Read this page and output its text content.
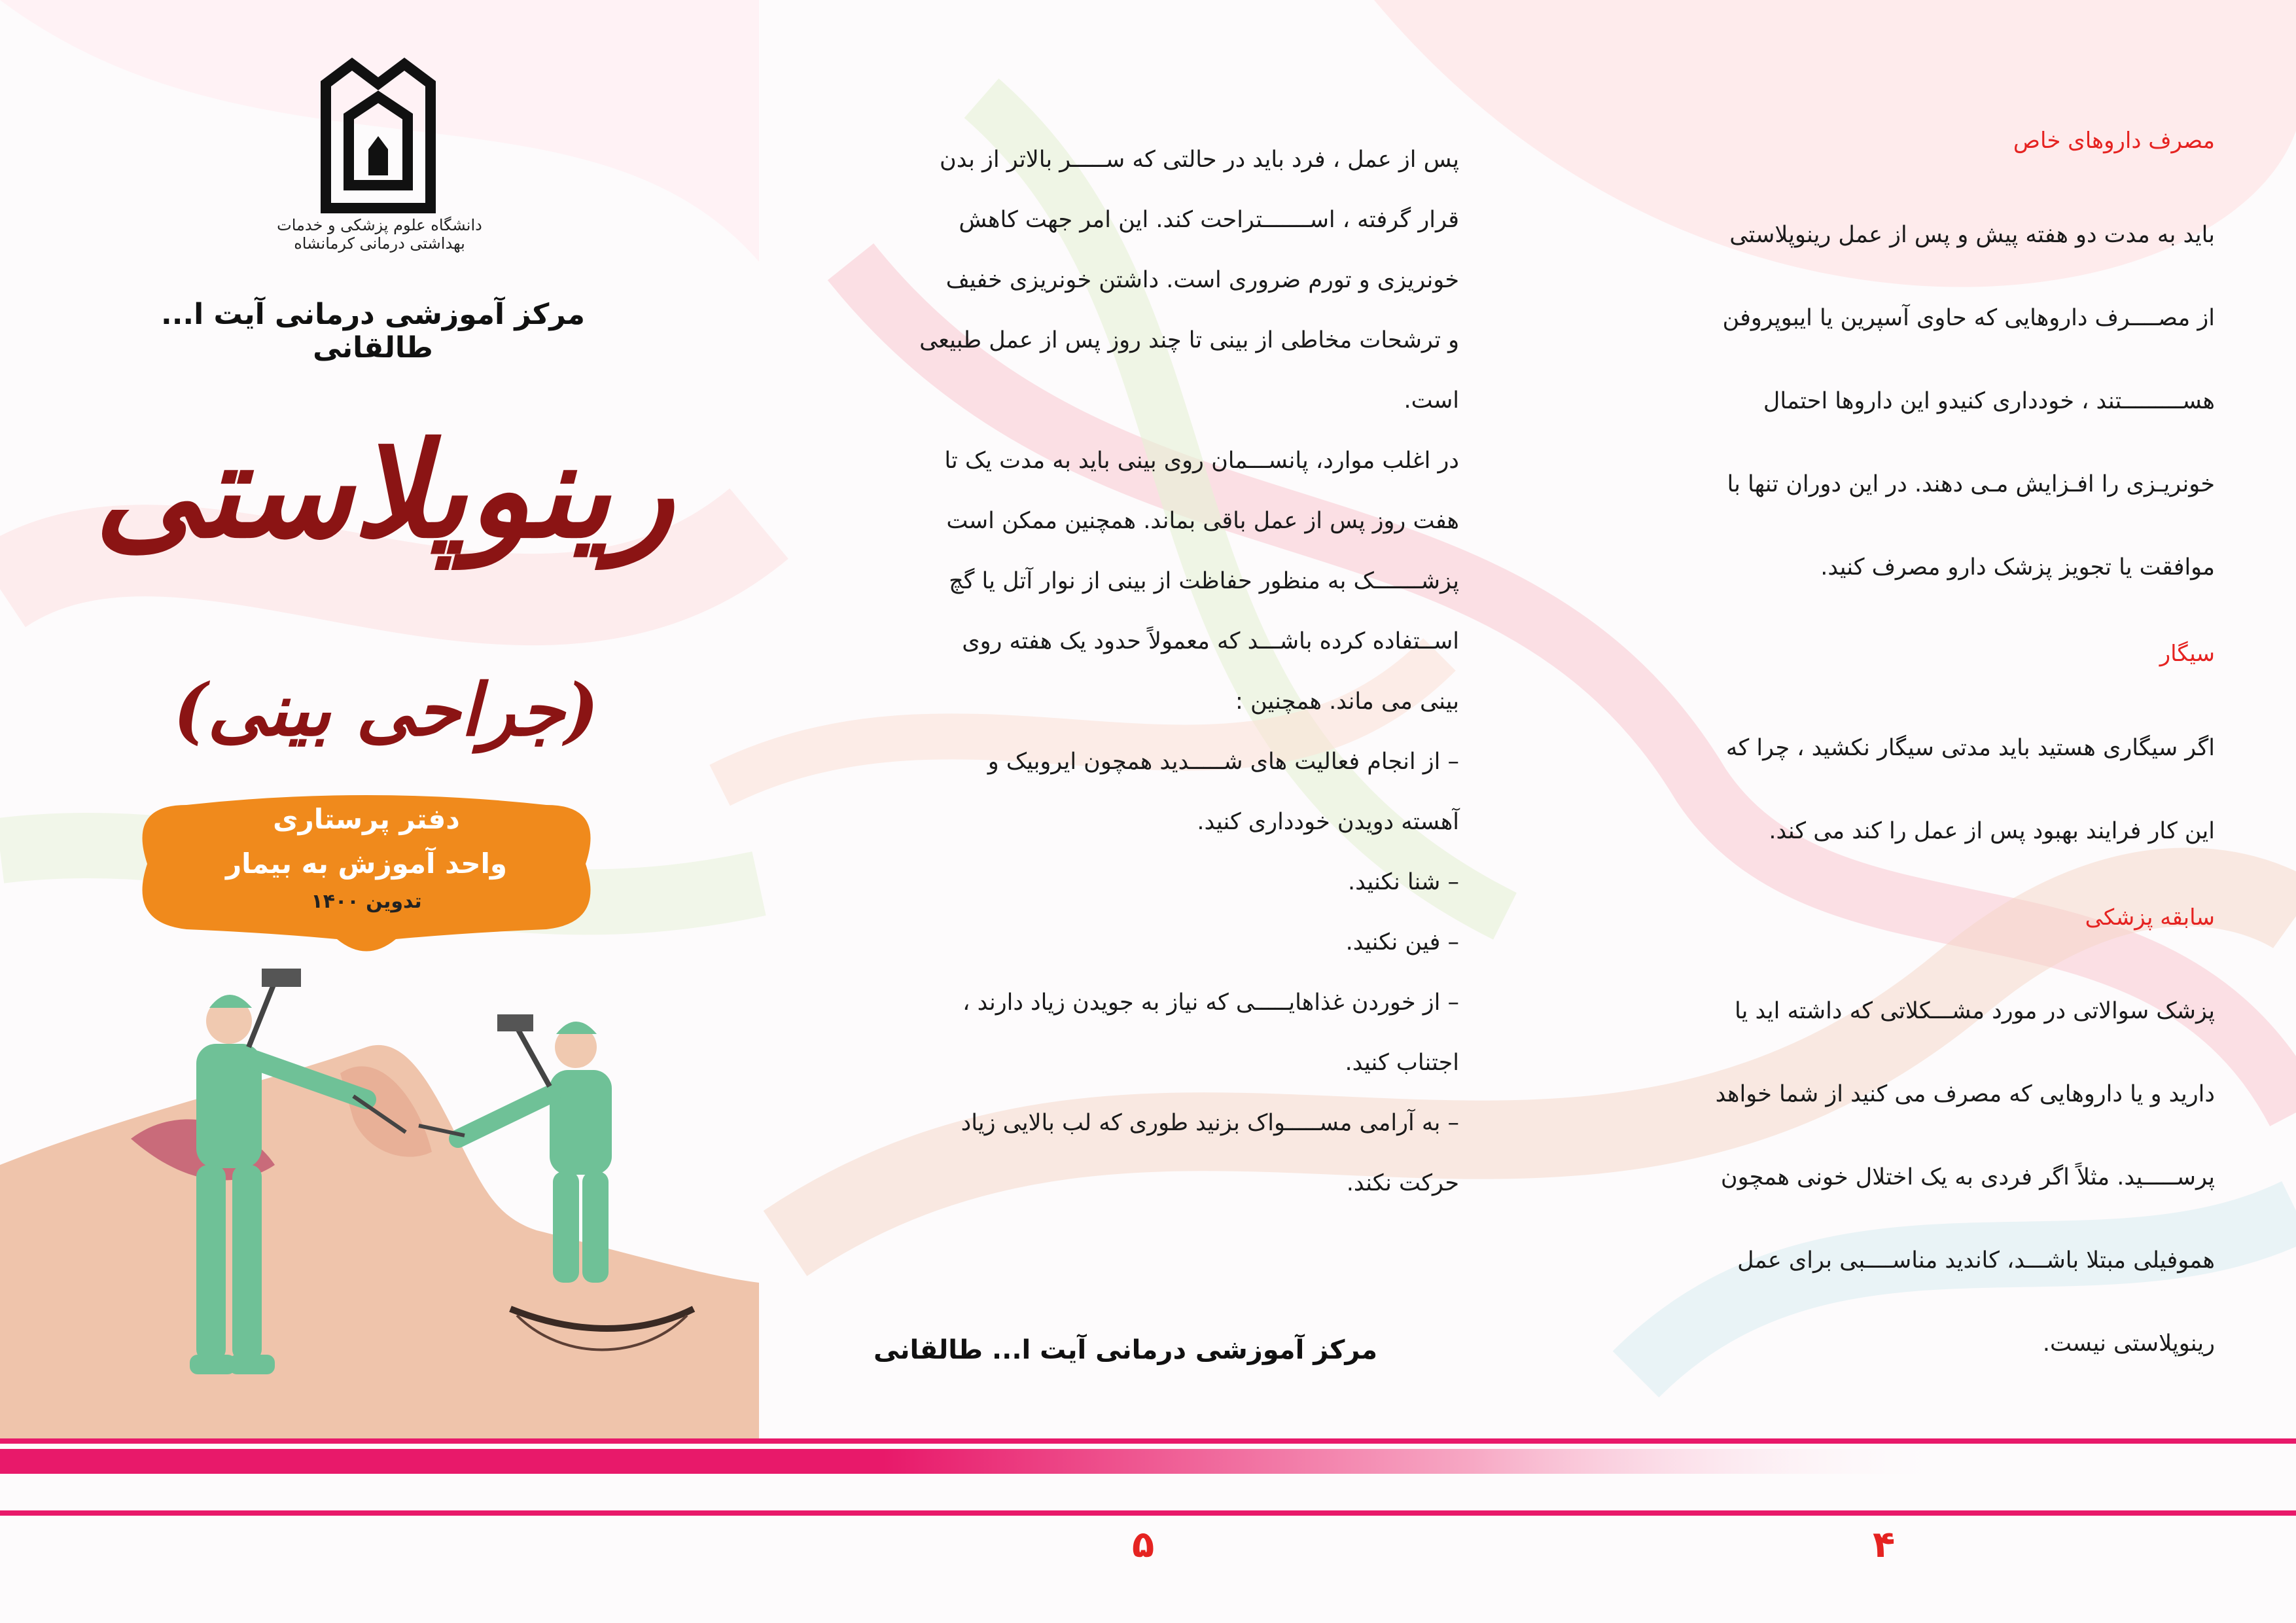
مصرف داروهای خاص

باید به مدت دو هفته پیش و پس از عمل رینوپلاستی

از مصــــرف داروهایی که حاوی آسپرین یا ایبوپروفن

هســـــــــتند ، خودداری کنیدو این داروها احتمال

خونریـزی را افـزایش مـی دهند. در این دوران تنها با

موافقت یا تجویز پزشک دارو مصرف کنید.

سیگار

اگر سیگاری هستید باید مدتی سیگار نکشید ، چرا که

این کار فرایند بهبود پس از عمل را کند می کند.

سابقه پزشکی

پزشک سوالاتی در مورد مشـــکلاتی که داشته اید یا

دارید و یا داروهایی که مصرف می کنید از شما خواهد

پرســـــید. مثلاً اگر فردی به یک اختلال خونی همچون

هموفیلی مبتلا باشـــد، کاندید مناســــبی برای عمل

رینوپلاستی نیست.

پس از عمل ، فرد باید در حالتی که ســـــر بالاتر از بدن

قرار گرفته ، اســـــــتراحت کند. این امر جهت کاهش

خونریزی و تورم ضروری است. داشتن خونریزی خفیف

و ترشحات مخاطی از بینی تا چند روز پس از عمل طبیعی

است.

در اغلب موارد، پانســـمان روی بینی باید به مدت یک تا

هفت روز پس از عمل باقی بماند. همچنین ممکن است

پزشـــــــک به منظور حفاظت از بینی از نوار آتل یا گچ

اســتفاده کرده باشـــد که معمولاً حدود یک هفته روی

بینی می ماند. همچنین :

– از انجام فعالیت های شـــــدید همچون ایروبیک و

آهسته دویدن خودداری کنید.

– شنا نکنید.

– فین نکنید.

– از خوردن غذاهایـــــی که نیاز به جویدن زیاد دارند ،

اجتناب کنید.

– به آرامی مســـــواک بزنید طوری که لب بالایی زیاد

حرکت نکند.

مرکز آموزشی درمانی آیت ا... طالقانی
دانشگاه علوم پزشکی و خدمات بهداشتی درمانی کرمانشاه
مرکز آموزشی درمانی آیت ا... طالقانی
رینوپلاستی
(جراحی بینی)
دفتر پرستاری
واحد آموزش به بیمار
تدوین ۱۴۰۰
۵	۴
